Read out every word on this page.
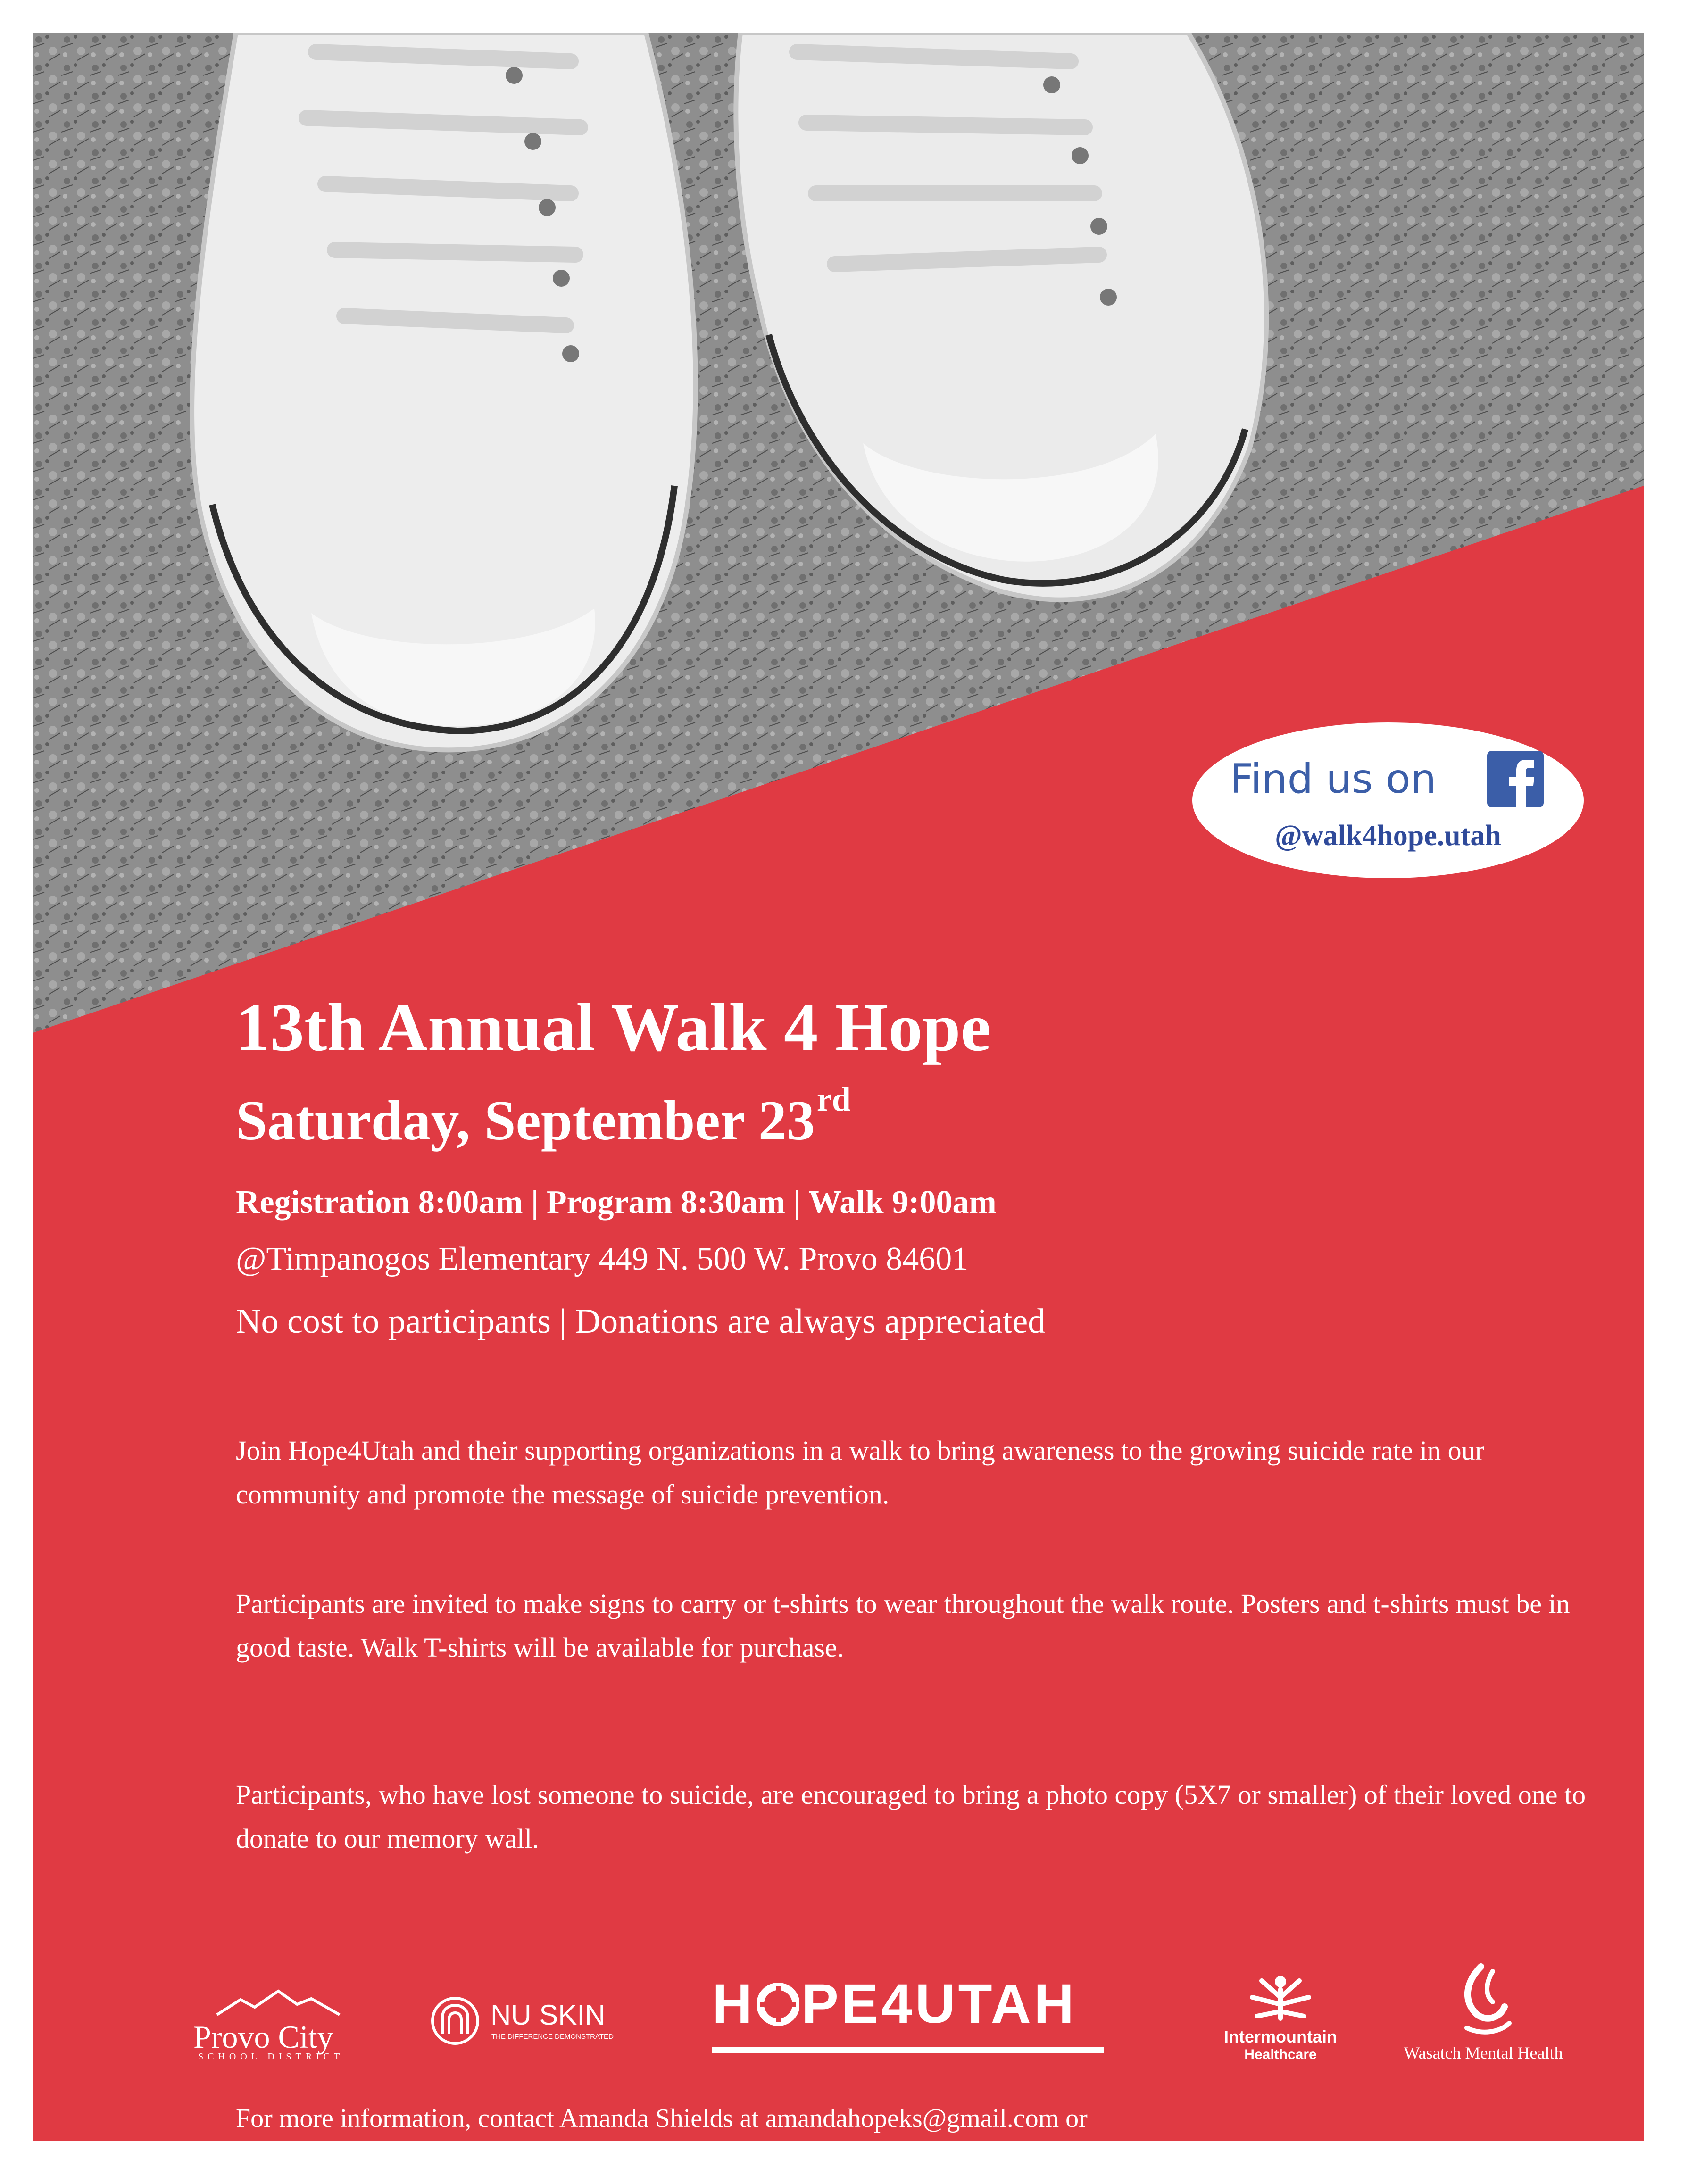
Find us on
@walk4hope.utah
13th Annual Walk 4 Hope
Saturday, September 23rd
Registration 8:00am | Program 8:30am | Walk 9:00am
@Timpanogos Elementary 449 N. 500 W. Provo 84601
No cost to participants | Donations are always appreciated

Join Hope4Utah and their supporting organizations in a walk to bring awareness to the growing suicide rate in our community and promote the message of suicide prevention.

Participants are invited to make signs to carry or t-shirts to wear throughout the walk route. Posters and t-shirts must be in good taste. Walk T-shirts will be available for purchase.

Participants, who have lost someone to suicide, are encouraged to bring a photo copy (5X7 or smaller) of their loved one to donate to our memory wall.

Provo City
SCHOOL DISTRICT
NU SKIN
THE DIFFERENCE DEMONSTRATED
H PE4UTAH
Intermountain
Healthcare	Wasatch Mental Health
For more information, contact Amanda Shields at amandahopeks@gmail.com or
